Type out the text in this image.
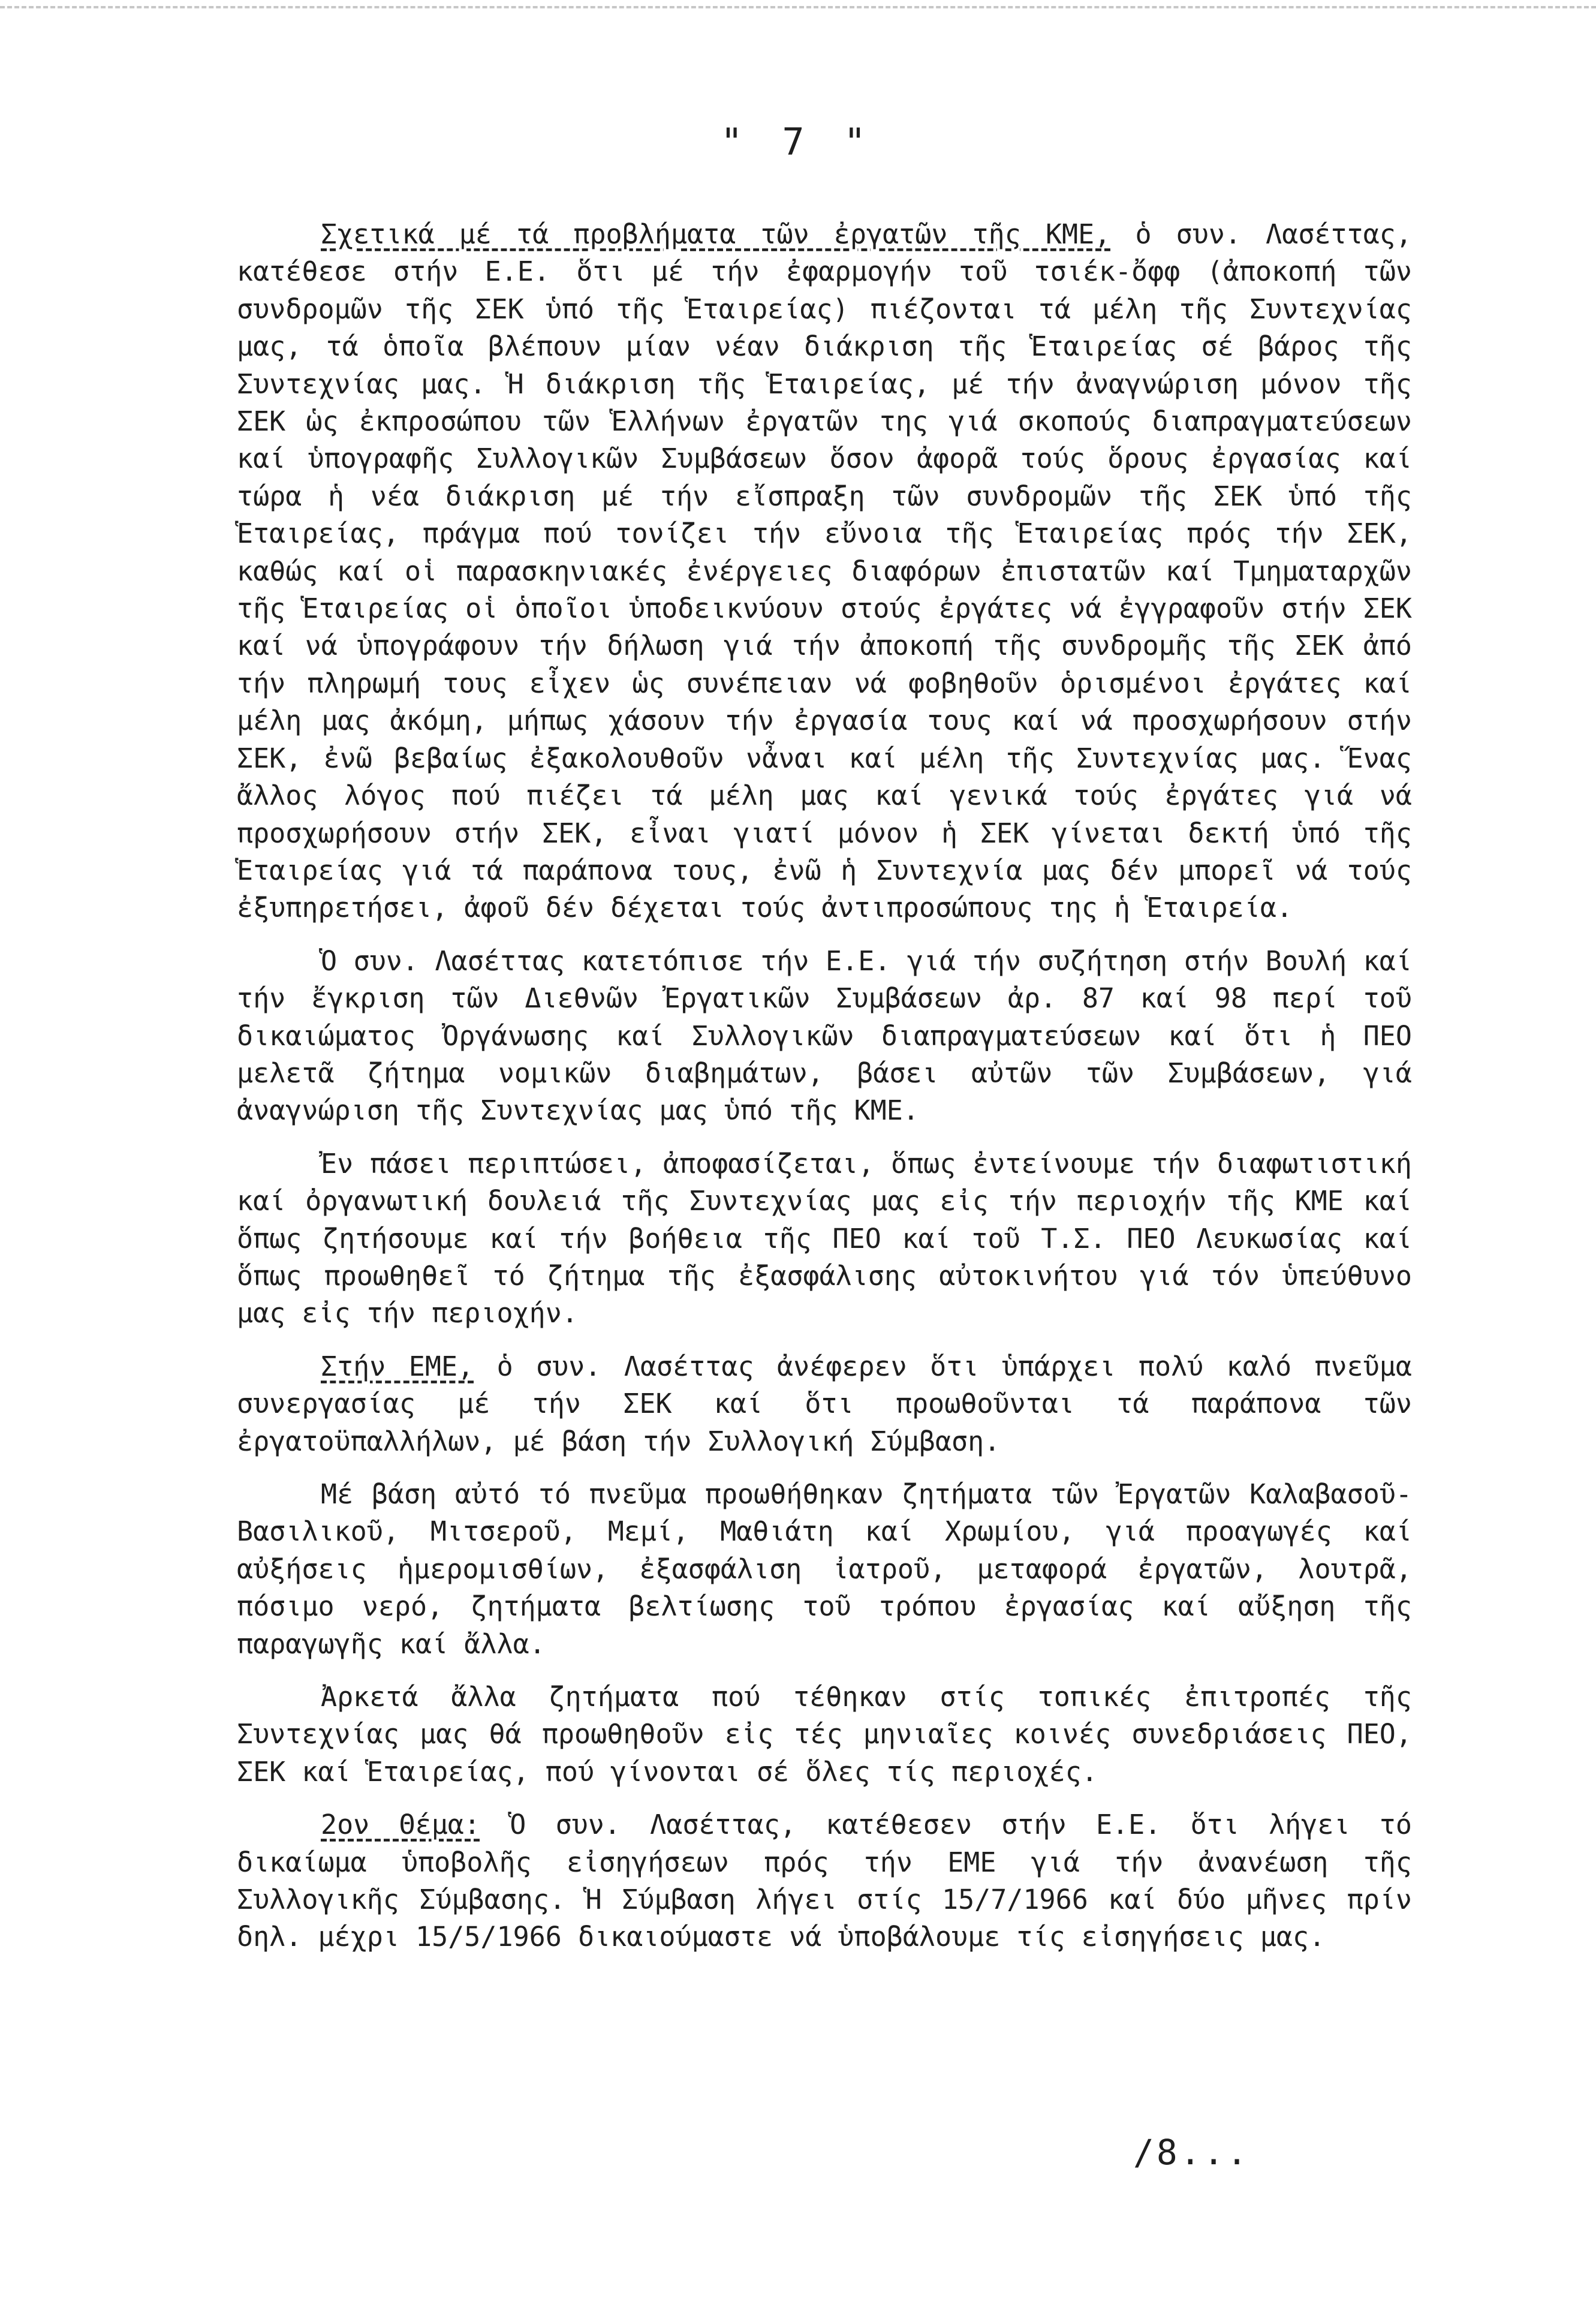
" 7 "

Σχετικά μέ τά προβλήματα τῶν ἐργατῶν τῆς ΚΜΕ, ὁ συν. Λασέττας, κατέθεσε στήν Ε.Ε. ὅτι μέ τήν ἐφαρμογήν τοῦ τσιέκ-ὄφφ (ἀποκοπή τῶν συνδρομῶν τῆς ΣΕΚ ὑπό τῆς Ἑταιρείας) πιέζονται τά μέλη τῆς Συντεχνίας μας, τά ὁποῖα βλέπουν μίαν νέαν διάκριση τῆς Ἑταιρείας σέ βάρος τῆς Συντεχνίας μας. Ἡ διάκριση τῆς Ἑταιρείας, μέ τήν ἀναγνώριση μόνον τῆς ΣΕΚ ὡς ἐκπροσώπου τῶν Ἑλλήνων ἐργατῶν της γιά σκοπούς διαπραγματεύσεων καί ὑπογραφῆς Συλλογικῶν Συμβάσεων ὅσον ἀφορᾶ τούς ὅρους ἐργασίας καί τώρα ἡ νέα διάκριση μέ τήν εἴσπραξη τῶν συνδρομῶν τῆς ΣΕΚ ὑπό τῆς Ἑταιρείας, πράγμα πού τονίζει τήν εὔνοια τῆς Ἑταιρείας πρός τήν ΣΕΚ, καθώς καί οἱ παρασκηνιακές ἐνέργειες διαφόρων ἐπιστατῶν καί Τμηματαρχῶν τῆς Ἑταιρείας οἱ ὁποῖοι ὑποδεικνύουν στούς ἐργάτες νά ἐγγραφοῦν στήν ΣΕΚ καί νά ὑπογράφουν τήν δήλωση γιά τήν ἀποκοπή τῆς συνδρομῆς τῆς ΣΕΚ ἀπό τήν πληρωμή τους εἶχεν ὡς συνέπειαν νά φοβηθοῦν ὁρισμένοι ἐργάτες καί μέλη μας ἀκόμη, μήπως χάσουν τήν ἐργασία τους καί νά προσχωρήσουν στήν ΣΕΚ, ἐνῶ βεβαίως ἐξακολουθοῦν νἆναι καί μέλη τῆς Συντεχνίας μας. Ἕνας ἄλλος λόγος πού πιέζει τά μέλη μας καί γενικά τούς ἐργάτες γιά νά προσχωρήσουν στήν ΣΕΚ, εἶναι γιατί μόνον ἡ ΣΕΚ γίνεται δεκτή ὑπό τῆς Ἑταιρείας γιά τά παράπονα τους, ἐνῶ ἡ Συντεχνία μας δέν μπορεῖ νά τούς ἐξυπηρετήσει, ἀφοῦ δέν δέχεται τούς ἀντιπροσώπους της ἡ Ἑταιρεία.

Ὁ συν. Λασέττας κατετόπισε τήν Ε.Ε. γιά τήν συζήτηση στήν Βουλή καί τήν ἔγκριση τῶν Διεθνῶν Ἐργατικῶν Συμβάσεων ἀρ. 87 καί 98 περί τοῦ δικαιώματος Ὀργάνωσης καί Συλλογικῶν διαπραγματεύσεων καί ὅτι ἡ ΠΕΟ μελετᾶ ζήτημα νομικῶν διαβημάτων, βάσει αὐτῶν τῶν Συμβάσεων, γιά ἀναγνώριση τῆς Συντεχνίας μας ὑπό τῆς ΚΜΕ.

Ἐν πάσει περιπτώσει, ἀποφασίζεται, ὅπως ἐντείνουμε τήν διαφωτιστική καί ὀργανωτική δουλειά τῆς Συντεχνίας μας εἰς τήν περιοχήν τῆς ΚΜΕ καί ὅπως ζητήσουμε καί τήν βοήθεια τῆς ΠΕΟ καί τοῦ Τ.Σ. ΠΕΟ Λευκωσίας καί ὅπως προωθηθεῖ τό ζήτημα τῆς ἐξασφάλισης αὐτοκινήτου γιά τόν ὑπεύθυνο μας εἰς τήν περιοχήν.

Στήν ΕΜΕ, ὁ συν. Λασέττας ἀνέφερεν ὅτι ὑπάρχει πολύ καλό πνεῦμα συνεργασίας μέ τήν ΣΕΚ καί ὅτι προωθοῦνται τά παράπονα τῶν ἐργατοϋπαλλήλων, μέ βάση τήν Συλλογική Σύμβαση.

Μέ βάση αὐτό τό πνεῦμα προωθήθηκαν ζητήματα τῶν Ἐργατῶν Καλαβασοῦ-Βασιλικοῦ, Μιτσεροῦ, Μεμί, Μαθιάτη καί Χρωμίου, γιά προαγωγές καί αὐξήσεις ἡμερομισθίων, ἐξασφάλιση ἰατροῦ, μεταφορά ἐργατῶν, λουτρᾶ, πόσιμο νερό, ζητήματα βελτίωσης τοῦ τρόπου ἐργασίας καί αὔξηση τῆς παραγωγῆς καί ἄλλα.

Ἀρκετά ἄλλα ζητήματα πού τέθηκαν στίς τοπικές ἐπιτροπές τῆς Συντεχνίας μας θά προωθηθοῦν εἰς τές μηνιαῖες κοινές συνεδριάσεις ΠΕΟ, ΣΕΚ καί Ἑταιρείας, πού γίνονται σέ ὅλες τίς περιοχές.

2ον Θέμα: Ὁ συν. Λασέττας, κατέθεσεν στήν Ε.Ε. ὅτι λήγει τό δικαίωμα ὑποβολῆς εἰσηγήσεων πρός τήν ΕΜΕ γιά τήν ἀνανέωση τῆς Συλλογικῆς Σύμβασης. Ἡ Σύμβαση λήγει στίς 15/7/1966 καί δύο μῆνες πρίν δηλ. μέχρι 15/5/1966 δικαιούμαστε νά ὑποβάλουμε τίς εἰσηγήσεις μας.

/8...
